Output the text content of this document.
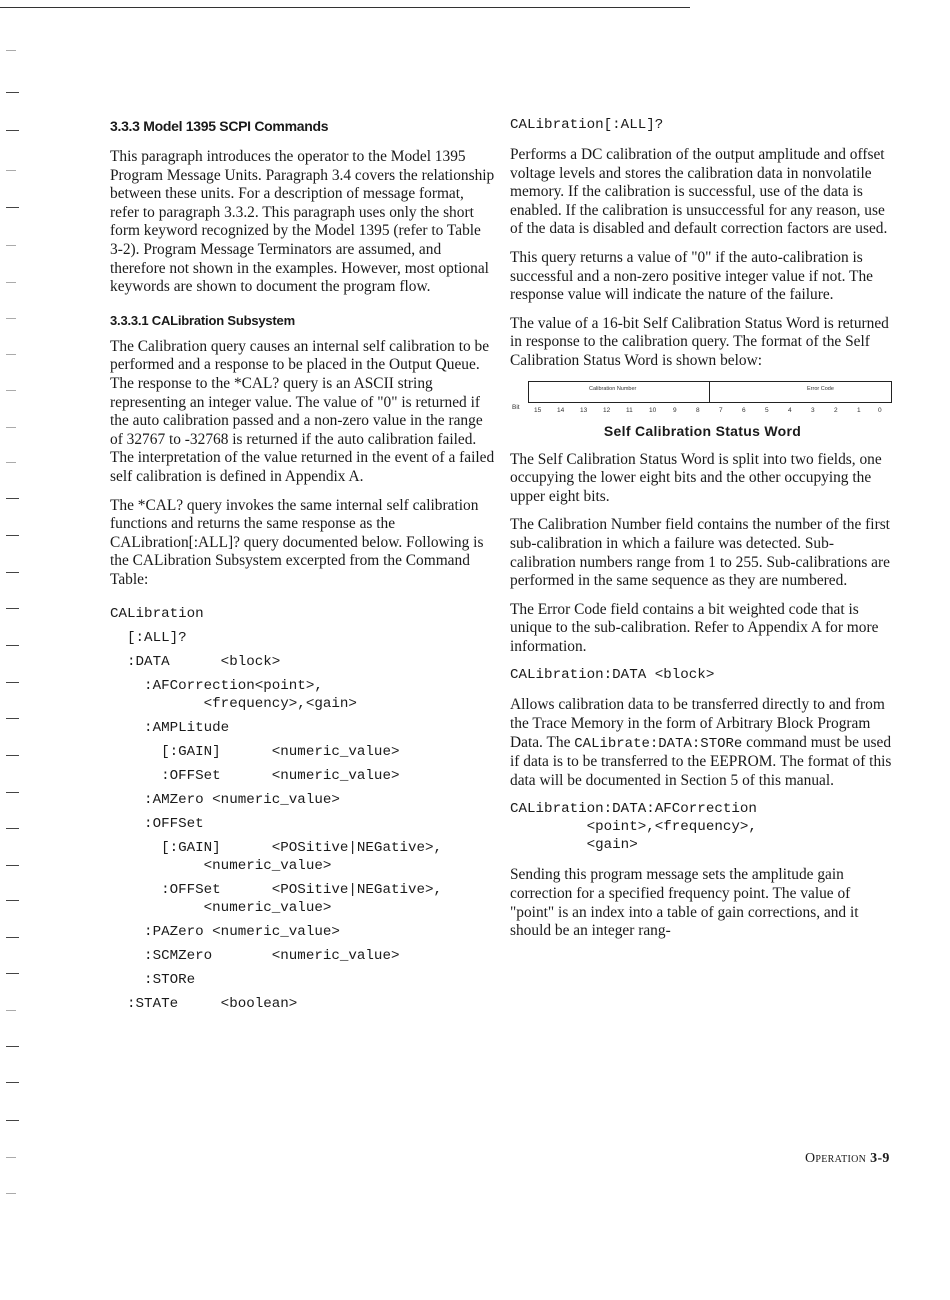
3.3.3 Model 1395 SCPI Commands

This paragraph introduces the operator to the Model 1395 Program Message Units. Paragraph 3.4 covers the relationship between these units. For a description of message format, refer to paragraph 3.3.2. This paragraph uses only the short form keyword recognized by the Model 1395 (refer to Table 3-2). Program Message Terminators are assumed, and therefore not shown in the examples. However, most optional keywords are shown to document the program flow.

3.3.3.1 CALibration Subsystem

The Calibration query causes an internal self calibration to be performed and a response to be placed in the Output Queue. The response to the *CAL? query is an ASCII string representing an integer value. The value of "0" is returned if the auto calibration passed and a non-zero value in the range of 32767 to -32768 is returned if the auto calibration failed. The interpretation of the value returned in the event of a failed self calibration is defined in Appendix A.

The *CAL? query invokes the same internal self calibration functions and returns the same response as the CALibration[:ALL]? query documented below. Following is the CALibration Subsystem excerpted from the Command Table:

CALibration
[:ALL]?
:DATA      <block>
:AFCorrection<point>,
<frequency>,<gain>
:AMPLitude
[:GAIN]      <numeric_value>
:OFFSet      <numeric_value>
:AMZero <numeric_value>
:OFFSet
[:GAIN]      <POSitive|NEGative>,
<numeric_value>
:OFFSet      <POSitive|NEGative>,
<numeric_value>
:PAZero <numeric_value>
:SCMZero       <numeric_value>
:STORe
:STATe     <boolean>
CALibration[:ALL]?

Performs a DC calibration of the output amplitude and offset voltage levels and stores the calibration data in nonvolatile memory. If the calibration is successful, use of the data is enabled. If the calibration is unsuccessful for any reason, use of the data is disabled and default correction factors are used.

This query returns a value of "0" if the auto-calibration is successful and a non-zero positive integer value if not. The response value will indicate the nature of the failure.

The value of a 16-bit Self Calibration Status Word is returned in response to the calibration query. The format of the Self Calibration Status Word is shown below:

Calibration Number	Error Code
Bit 15 14 13 12 11	10	9	8	7	6	5	4	3	2	1	0
Self Calibration Status Word

The Self Calibration Status Word is split into two fields, one occupying the lower eight bits and the other occupying the upper eight bits.

The Calibration Number field contains the number of the first sub-calibration in which a failure was detected. Sub-calibration numbers range from 1 to 255. Sub-calibrations are performed in the same sequence as they are numbered.

The Error Code field contains a bit weighted code that is unique to the sub-calibration. Refer to Appendix A for more information.

CALibration:DATA <block>

Allows calibration data to be transferred directly to and from the Trace Memory in the form of Arbitrary Block Program Data. The CALibrate:DATA:STORe command must be used if data is to be transferred to the EEPROM. The format of this data will be documented in Section 5 of this manual.

CALibration:DATA:AFCorrection
<point>,<frequency>,
<gain>

Sending this program message sets the amplitude gain correction for a specified frequency point. The value of "point" is an index into a table of gain corrections, and it should be an integer rang-

Operation 3-9
